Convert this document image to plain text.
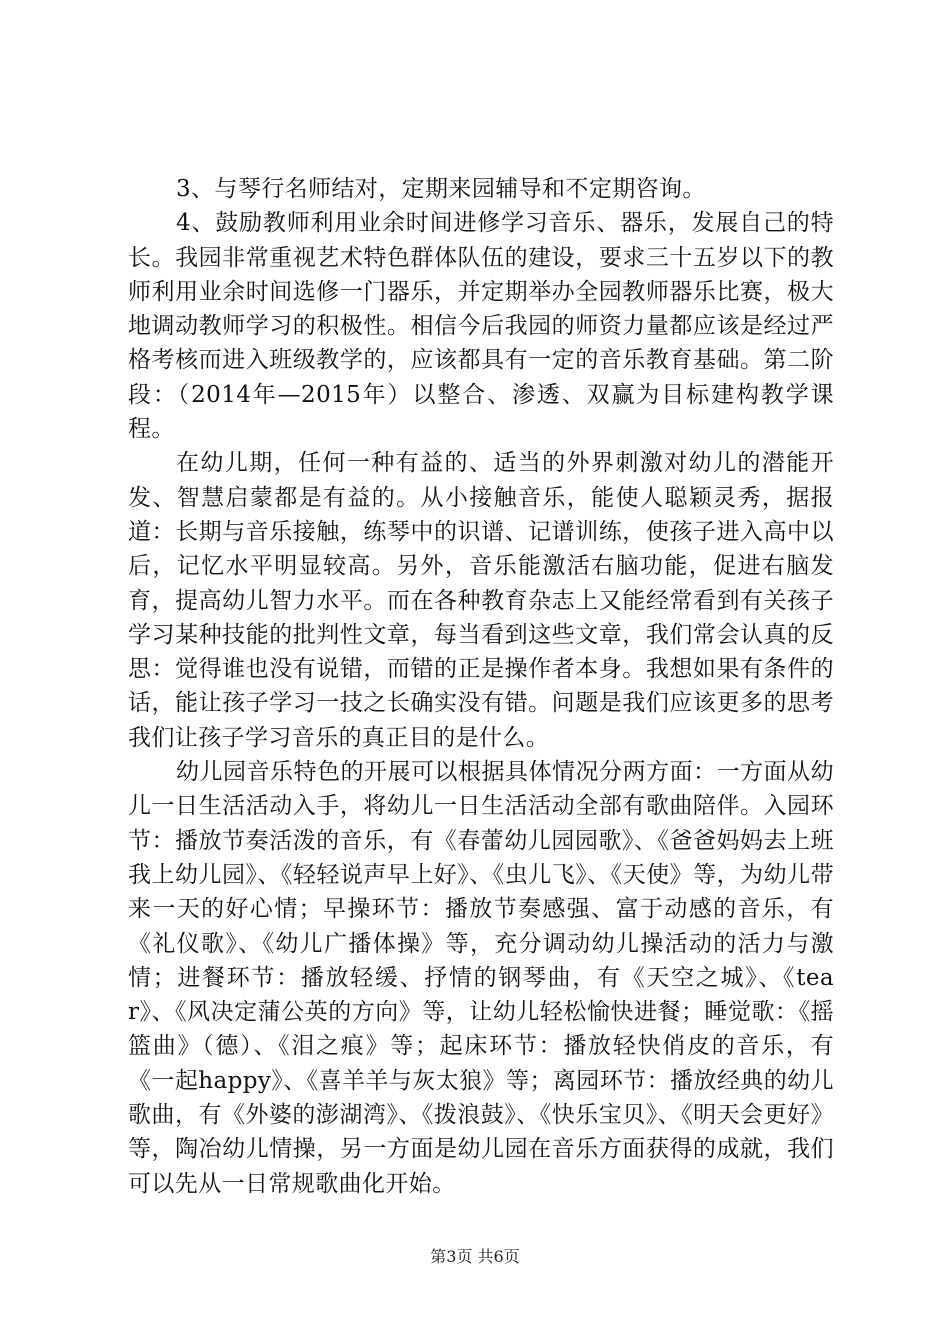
3、与琴行名师结对，定期来园辅导和不定期咨询。

4、鼓励教师利用业余时间进修学习音乐、器乐，发展自己的特长。我园非常重视艺术特色群体队伍的建设，要求三十五岁以下的教师利用业余时间选修一门器乐，并定期举办全园教师器乐比赛，极大地调动教师学习的积极性。相信今后我园的师资力量都应该是经过严格考核而进入班级教学的，应该都具有一定的音乐教育基础。第二阶段：（2014年—2015年）以整合、渗透、双赢为目标建构教学课程。

在幼儿期，任何一种有益的、适当的外界刺激对幼儿的潜能开发、智慧启蒙都是有益的。从小接触音乐，能使人聪颖灵秀，据报道：长期与音乐接触，练琴中的识谱、记谱训练，使孩子进入高中以后，记忆水平明显较高。另外，音乐能激活右脑功能，促进右脑发育，提高幼儿智力水平。而在各种教育杂志上又能经常看到有关孩子学习某种技能的批判性文章，每当看到这些文章，我们常会认真的反思：觉得谁也没有说错，而错的正是操作者本身。我想如果有条件的话，能让孩子学习一技之长确实没有错。问题是我们应该更多的思考我们让孩子学习音乐的真正目的是什么。

幼儿园音乐特色的开展可以根据具体情况分两方面：一方面从幼儿一日生活活动入手，将幼儿一日生活活动全部有歌曲陪伴。入园环节：播放节奏活泼的音乐，有《春蕾幼儿园园歌》、《爸爸妈妈去上班我上幼儿园》、《轻轻说声早上好》、《虫儿飞》、《天使》等，为幼儿带来一天的好心情；早操环节：播放节奏感强、富于动感的音乐，有《礼仪歌》、《幼儿广播体操》等，充分调动幼儿操活动的活力与激情；进餐环节：播放轻缓、抒情的钢琴曲，有《天空之城》、《tear》、《风决定蒲公英的方向》等，让幼儿轻松愉快进餐；睡觉歌：《摇篮曲》（德）、《泪之痕》等；起床环节：播放轻快俏皮的音乐，有《一起happy》、《喜羊羊与灰太狼》等；离园环节：播放经典的幼儿歌曲，有《外婆的澎湖湾》、《拨浪鼓》、《快乐宝贝》、《明天会更好》等，陶冶幼儿情操，另一方面是幼儿园在音乐方面获得的成就，我们可以先从一日常规歌曲化开始。

第3页 共6页
